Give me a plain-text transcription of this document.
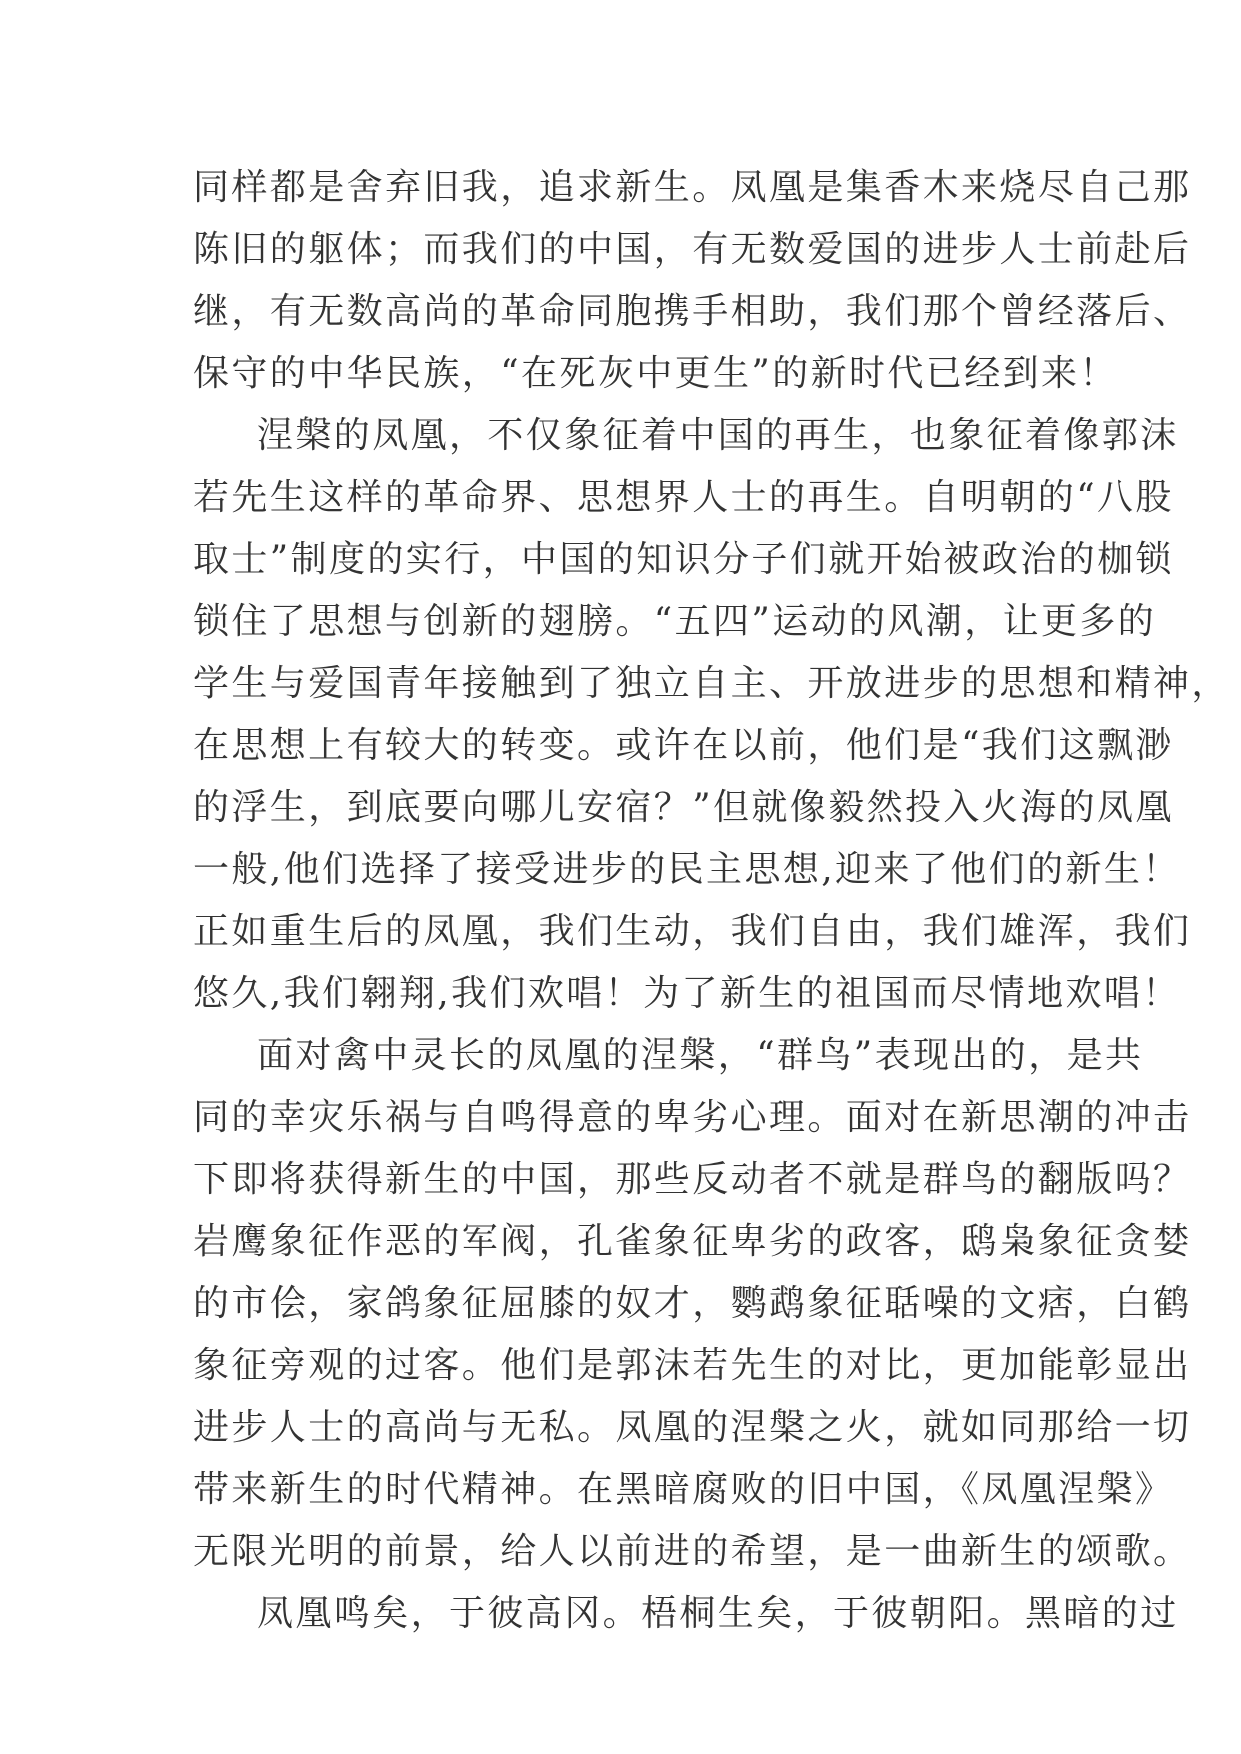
同样都是舍弃旧我，追求新生。凤凰是集香木来烧尽自己那
陈旧的躯体；而我们的中国，有无数爱国的进步人士前赴后
继，有无数高尚的革命同胞携手相助，我们那个曾经落后、
保守的中华民族，“在死灰中更生”的新时代已经到来！
涅槃的凤凰，不仅象征着中国的再生，也象征着像郭沫
若先生这样的革命界、思想界人士的再生。自明朝的“八股
取士”制度的实行，中国的知识分子们就开始被政治的枷锁
锁住了思想与创新的翅膀。“五四”运动的风潮，让更多的
学生与爱国青年接触到了独立自主、开放进步的思想和精神，
在思想上有较大的转变。或许在以前，他们是“我们这飘渺
的浮生，到底要向哪儿安宿？”但就像毅然投入火海的凤凰
一般,他们选择了接受进步的民主思想,迎来了他们的新生！
正如重生后的凤凰，我们生动，我们自由，我们雄浑，我们
悠久,我们翱翔,我们欢唱！为了新生的祖国而尽情地欢唱！
面对禽中灵长的凤凰的涅槃，“群鸟”表现出的，是共
同的幸灾乐祸与自鸣得意的卑劣心理。面对在新思潮的冲击
下即将获得新生的中国，那些反动者不就是群鸟的翻版吗？
岩鹰象征作恶的军阀，孔雀象征卑劣的政客，鸱枭象征贪婪
的市侩，家鸽象征屈膝的奴才，鹦鹉象征聒噪的文痞，白鹤
象征旁观的过客。他们是郭沫若先生的对比，更加能彰显出
进步人士的高尚与无私。凤凰的涅槃之火，就如同那给一切
带来新生的时代精神。在黑暗腐败的旧中国，《凤凰涅槃》
无限光明的前景，给人以前进的希望，是一曲新生的颂歌。
凤凰鸣矣，于彼高冈。梧桐生矣，于彼朝阳。黑暗的过
